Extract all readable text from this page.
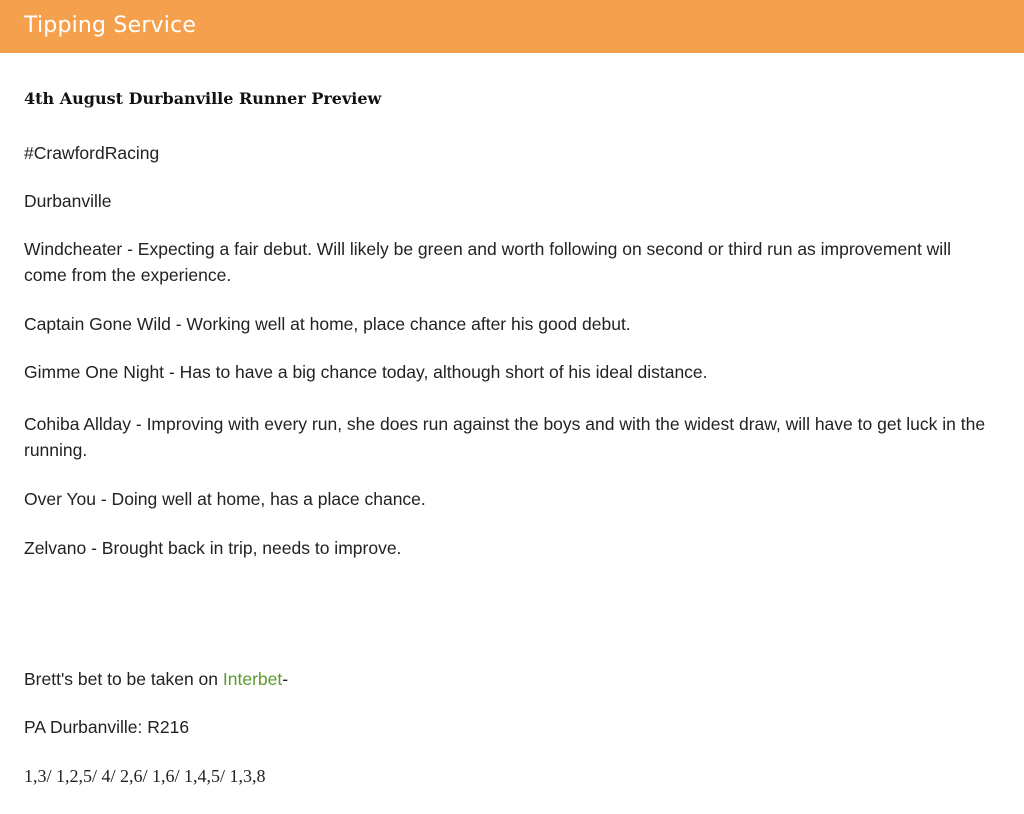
Tipping Service
4th August Durbanville Runner Preview
#CrawfordRacing
Durbanville
Windcheater - Expecting a fair debut. Will likely be green and worth following on second or third run as improvement will come from the experience.
Captain Gone Wild - Working well at home, place chance after his good debut.
Gimme One Night - Has to have a big chance today, although short of his ideal distance.
Cohiba Allday - Improving with every run, she does run against the boys and with the widest draw, will have to get luck in the running.
Over You - Doing well at home, has a place chance.
Zelvano - Brought back in trip, needs to improve.
Brett's bet to be taken on Interbet-
PA Durbanville: R216
1,3/ 1,2,5/ 4/ 2,6/ 1,6/ 1,4,5/ 1,3,8
